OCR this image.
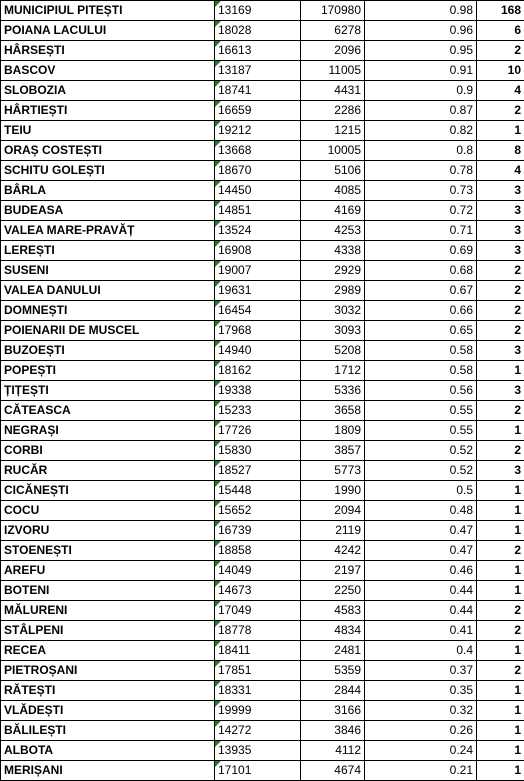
MUNICIPIUL PITEȘTI	13169	170980	0.98	168
POIANA LACULUI	18028	6278	0.96	6
HÂRSEȘTI	16613	2096	0.95	2
BASCOV	13187	11005	0.91	10
SLOBOZIA	18741	4431	0.9	4
HÂRTIEȘTI	16659	2286	0.87	2
TEIU	19212	1215	0.82	1
ORAȘ COSTEȘTI	13668	10005	0.8	8
SCHITU GOLEȘTI	18670	5106	0.78	4
BÂRLA	14450	4085	0.73	3
BUDEASA	14851	4169	0.72	3
VALEA MARE-PRAVĂȚ	13524	4253	0.71	3
LEREȘTI	16908	4338	0.69	3
SUSENI	19007	2929	0.68	2
VALEA DANULUI	19631	2989	0.67	2
DOMNEȘTI	16454	3032	0.66	2
POIENARII DE MUSCEL	17968	3093	0.65	2
BUZOEȘTI	14940	5208	0.58	3
POPEȘTI	18162	1712	0.58	1
ȚIȚEȘTI	19338	5336	0.56	3
CĂTEASCA	15233	3658	0.55	2
NEGRAȘI	17726	1809	0.55	1
CORBI	15830	3857	0.52	2
RUCĂR	18527	5773	0.52	3
CICĂNEȘTI	15448	1990	0.5	1
COCU	15652	2094	0.48	1
IZVORU	16739	2119	0.47	1
STOENEȘTI	18858	4242	0.47	2
AREFU	14049	2197	0.46	1
BOTENI	14673	2250	0.44	1
MĂLURENI	17049	4583	0.44	2
STÂLPENI	18778	4834	0.41	2
RECEA	18411	2481	0.4	1
PIETROȘANI	17851	5359	0.37	2
RĂTEȘTI	18331	2844	0.35	1
VLĂDEȘTI	19999	3166	0.32	1
BĂLILEȘTI	14272	3846	0.26	1
ALBOTA	13935	4112	0.24	1
MERIȘANI	17101	4674	0.21	1
